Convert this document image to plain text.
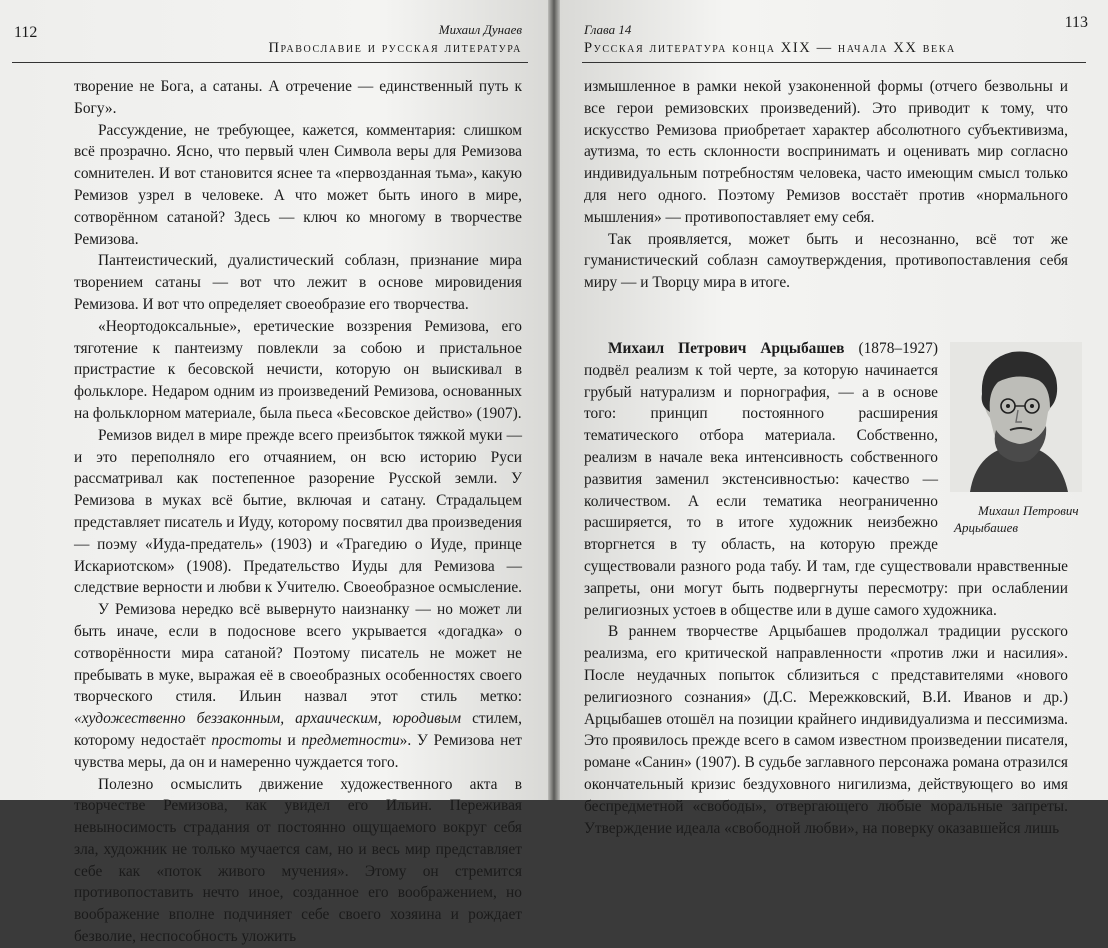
112	Михаил Дунаев
Православие и русская литература

творение не Бога, а сатаны. А отречение — единственный путь к Богу».

Рассуждение, не требующее, кажется, комментария: слишком всё прозрачно. Ясно, что первый член Символа веры для Ремизова сомнителен. И вот становится яснее та «первозданная тьма», какую Ремизов узрел в человеке. А что может быть иного в мире, сотворённом сатаной? Здесь — ключ ко многому в творчестве Ремизова.

Пантеистический, дуалистический соблазн, признание мира творением сатаны — вот что лежит в основе мировидения Ремизова. И вот что определяет своеобразие его творчества.

«Неортодоксальные», еретические воззрения Ремизова, его тяготение к пантеизму повлекли за собою и пристальное пристрастие к бесовской нечисти, которую он выискивал в фольклоре. Недаром одним из произведений Ремизова, основанных на фольклорном материале, была пьеса «Бесовское действо» (1907).

Ремизов видел в мире прежде всего преизбыток тяжкой муки — и это переполняло его отчаянием, он всю историю Руси рассматривал как постепенное разорение Русской земли. У Ремизова в муках всё бытие, включая и сатану. Страдальцем представляет писатель и Иуду, которому посвятил два произведения — поэму «Иуда-предатель» (1903) и «Трагедию о Иуде, принце Искариотском» (1908). Предательство Иуды для Ремизова — следствие верности и любви к Учителю. Своеобразное осмысление.

У Ремизова нередко всё вывернуто наизнанку — но может ли быть иначе, если в подоснове всего укрывается «догадка» о сотворённости мира сатаной? Поэтому писатель не может не пребывать в муке, выражая её в своеобразных особенностях своего творческого стиля. Ильин назвал этот стиль метко: «художественно беззаконным, архаическим, юродивым стилем, которому недостаёт простоты и предметности». У Ремизова нет чувства меры, да он и намеренно чуждается того.

Полезно осмыслить движение художественного акта в творчестве Ремизова, как увидел его Ильин. Переживая невыносимость страдания от постоянно ощущаемого вокруг себя зла, художник не только мучается сам, но и весь мир представляет себе как «поток живого мучения». Этому он стремится противопоставить нечто иное, созданное его воображением, но воображение вполне подчиняет себе своего хозяина и рождает безволие, неспособность уложить

Глава 14	113
Русская литература конца XIX — начала XX века

измышленное в рамки некой узаконенной формы (отчего безвольны и все герои ремизовских произведений). Это приводит к тому, что искусство Ремизова приобретает характер абсолютного субъективизма, аутизма, то есть склонности воспринимать и оценивать мир согласно индивидуальным потребностям человека, часто имеющим смысл только для него одного. Поэтому Ремизов восстаёт против «нормального мышления» — противопоставляет ему себя.

Так проявляется, может быть и несознанно, всё тот же гуманистический соблазн самоутверждения, противопоставления себя миру — и Творцу мира в итоге.

Михаил Петрович Арцыбашев
Михаил Петрович Арцыбашев (1878–1927) подвёл реализм к той черте, за которую начинается грубый натурализм и порнография, — а в основе того: принцип постоянного расширения тематического отбора материала. Собственно, реализм в начале века интенсивность собственного развития заменил экстенсивностью: качество — количеством. А если тематика неограниченно расширяется, то в итоге художник неизбежно вторгнется в ту область, на которую прежде существовали разного рода табу. И там, где существовали нравственные запреты, они могут быть подвергнуты пересмотру: при ослаблении религиозных устоев в обществе или в душе самого художника.

В раннем творчестве Арцыбашев продолжал традиции русского реализма, его критической направленности «против лжи и насилия». После неудачных попыток сблизиться с представителями «нового религиозного сознания» (Д.С. Мережковский, В.И. Иванов и др.) Арцыбашев отошёл на позиции крайнего индивидуализма и пессимизма. Это проявилось прежде всего в самом известном произведении писателя, романе «Санин» (1907). В судьбе заглавного персонажа романа отразился окончательный кризис бездуховного нигилизма, действующего во имя беспредметной «свободы», отвергающего любые моральные запреты. Утверждение идеала «свободной любви», на поверку оказавшейся лишь
